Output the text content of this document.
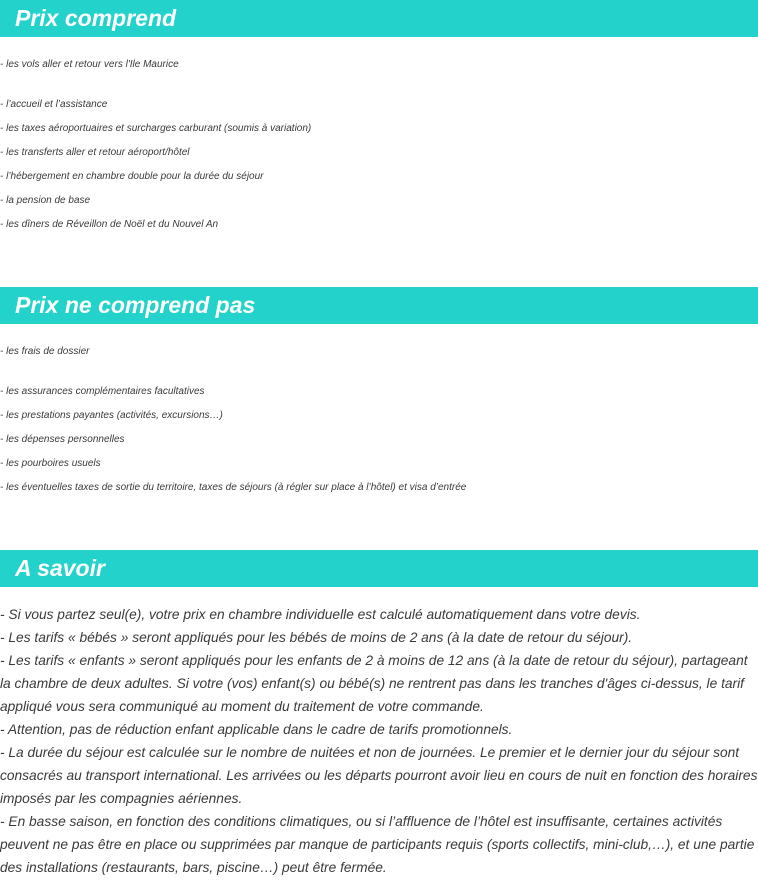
Prix comprend
- les vols aller et retour vers l'Ile Maurice
- l’accueil et l’assistance
- les taxes aéroportuaires et surcharges carburant (soumis à variation)
- les transferts aller et retour aéroport/hôtel
- l’hébergement en chambre double pour la durée du séjour
- la pension de base
- les dîners de Réveillon de Noël et du Nouvel An
Prix ne comprend pas
- les frais de dossier
- les assurances complémentaires facultatives
- les prestations payantes (activités, excursions…)
- les dépenses personnelles
- les pourboires usuels
- les éventuelles taxes de sortie du territoire, taxes de séjours (à régler sur place à l’hôtel) et visa d’entrée
A savoir
- Si vous partez seul(e), votre prix en chambre individuelle est calculé automatiquement dans votre devis.
- Les tarifs « bébés » seront appliqués pour les bébés de moins de 2 ans (à la date de retour du séjour).
- Les tarifs « enfants » seront appliqués pour les enfants de 2 à moins de 12 ans (à la date de retour du séjour), partageant la chambre de deux adultes. Si votre (vos) enfant(s) ou bébé(s) ne rentrent pas dans les tranches d'âges ci-dessus, le tarif appliqué vous sera communiqué au moment du traitement de votre commande.
- Attention, pas de réduction enfant applicable dans le cadre de tarifs promotionnels.
- La durée du séjour est calculée sur le nombre de nuitées et non de journées. Le premier et le dernier jour du séjour sont consacrés au transport international. Les arrivées ou les départs pourront avoir lieu en cours de nuit en fonction des horaires imposés par les compagnies aériennes.
- En basse saison, en fonction des conditions climatiques, ou si l’affluence de l’hôtel est insuffisante, certaines activités peuvent ne pas être en place ou supprimées par manque de participants requis (sports collectifs, mini-club,…), et une partie des installations (restaurants, bars, piscine…) peut être fermée.
